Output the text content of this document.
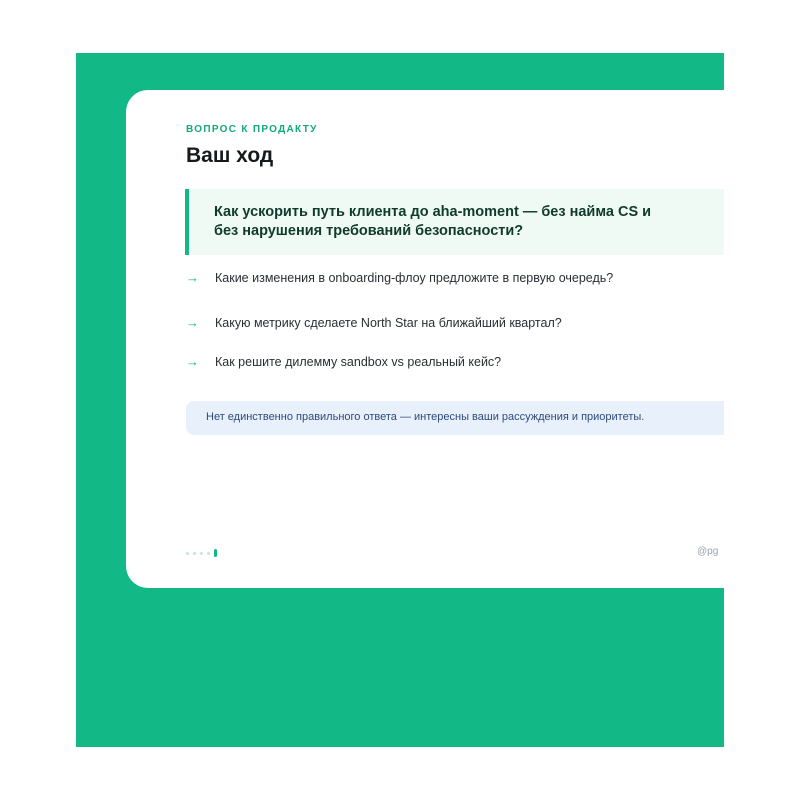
ВОПРОС К ПРОДАКТУ
Ваш ход
Как ускорить путь клиента до aha-moment — без найма CS и
без нарушения требований безопасности?
→ Какие изменения в onboarding-флоу предложите в первую очередь?
→ Какую метрику сделаете North Star на ближайший квартал?
→ Как решите дилемму sandbox vs реальный кейс?
Нет единственно правильного ответа — интересны ваши рассуждения и приоритеты.
@pg
